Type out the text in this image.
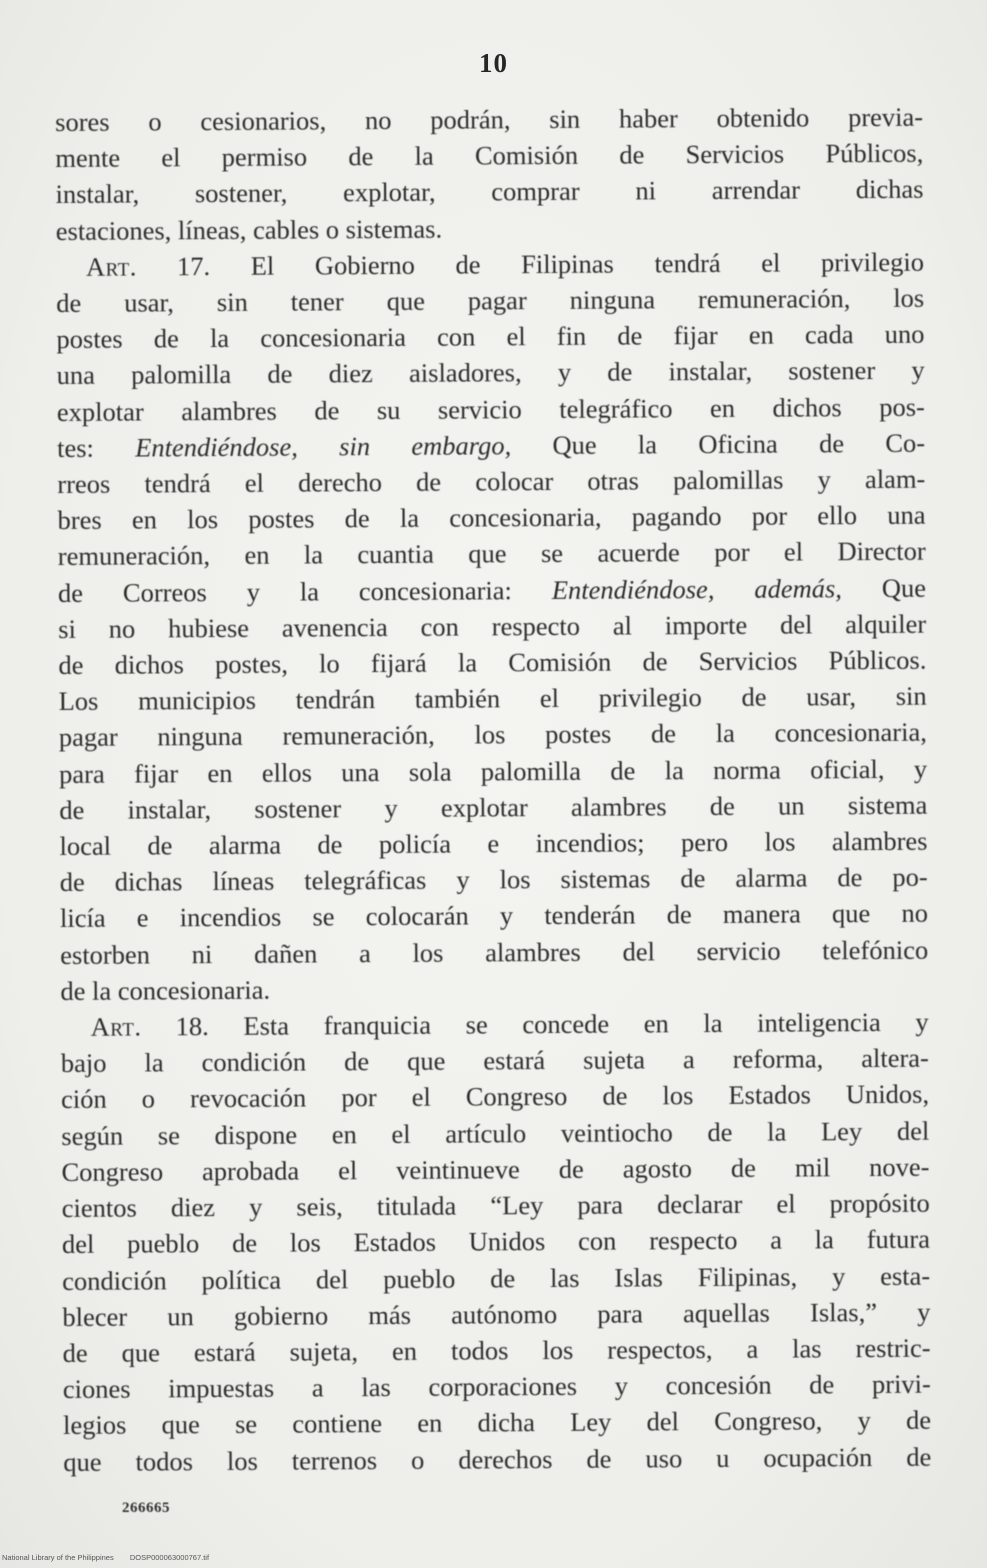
10
sores o cesionarios, no podrán, sin haber obtenido previa-
mente el permiso de la Comisión de Servicios Públicos,
instalar, sostener, explotar, comprar ni arrendar dichas
estaciones, líneas, cables o sistemas.
Art. 17. El Gobierno de Filipinas tendrá el privilegio
de usar, sin tener que pagar ninguna remuneración, los
postes de la concesionaria con el fin de fijar en cada uno
una palomilla de diez aisladores, y de instalar, sostener y
explotar alambres de su servicio telegráfico en dichos pos-
tes: Entendiéndose, sin embargo, Que la Oficina de Co-
rreos tendrá el derecho de colocar otras palomillas y alam-
bres en los postes de la concesionaria, pagando por ello una
remuneración, en la cuantia que se acuerde por el Director
de Correos y la concesionaria: Entendiéndose, además, Que
si no hubiese avenencia con respecto al importe del alquiler
de dichos postes, lo fijará la Comisión de Servicios Públicos.
Los municipios tendrán también el privilegio de usar, sin
pagar ninguna remuneración, los postes de la concesionaria,
para fijar en ellos una sola palomilla de la norma oficial, y
de instalar, sostener y explotar alambres de un sistema
local de alarma de policía e incendios; pero los alambres
de dichas líneas telegráficas y los sistemas de alarma de po-
licía e incendios se colocarán y tenderán de manera que no
estorben ni dañen a los alambres del servicio telefónico
de la concesionaria.
Art. 18. Esta franquicia se concede en la inteligencia y
bajo la condición de que estará sujeta a reforma, altera-
ción o revocación por el Congreso de los Estados Unidos,
según se dispone en el artículo veintiocho de la Ley del
Congreso aprobada el veintinueve de agosto de mil nove-
cientos diez y seis, titulada “Ley para declarar el propósito
del pueblo de los Estados Unidos con respecto a la futura
condición política del pueblo de las Islas Filipinas, y esta-
blecer un gobierno más autónomo para aquellas Islas,” y
de que estará sujeta, en todos los respectos, a las restric-
ciones impuestas a las corporaciones y concesión de privi-
legios que se contiene en dicha Ley del Congreso, y de
que todos los terrenos o derechos de uso u ocupación de
266665
National Library of the Philippines DOSP000063000767.tif
